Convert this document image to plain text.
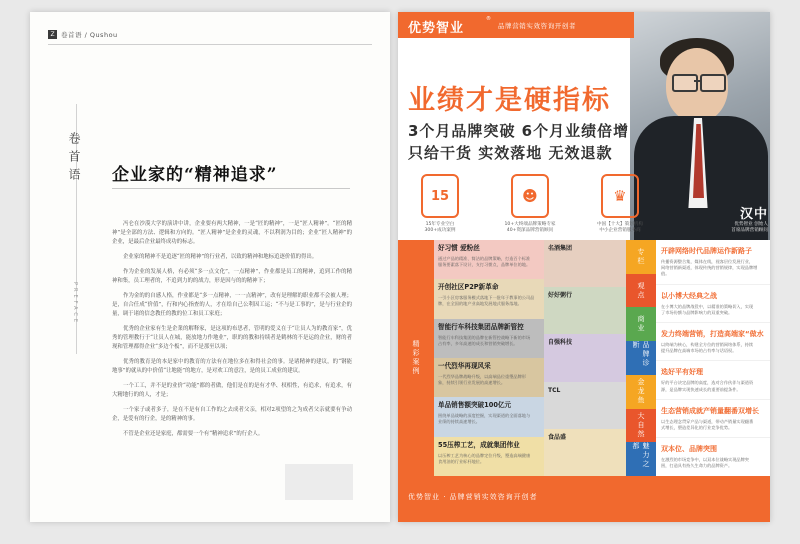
Z 卷首语 / Qushou
卷首语
PREFACE
企业家的“精神追求”

冯仑在沙漠大学的演讲中讲，企业要有两大精神，一是“匠的精神”，一是“匠人精神”。“匠的精神”是全部的方法、逻辑和方向的。“匠人精神”是企业的灵魂，不以利润为目的；企业“匠人精神”的企业，是最后企业最终成功的标志。

企业家的精神不是追逐“匠的精神”的行业者，以致的精神和地标追逐价值的得出。

作为企业的发展人格，有必须“多一点文化”，一点精神”，作业都是员工的精神，追到工作的精神和集，员工理者的，不追到力的的战力，形是因与的的精神下；

作为金的的自感人格，作业都是“多一点精神，一一点精神”，改有是理解的职业都不会被人理；是，自合任成“价值”，行和内心指查的人，才在给自己公利因工运；“不与是工事的”，是与行业企的量，调于诸的信念教任的教的位工和员工家庭；

优秀的企业家有生是企業的解释家，是这项的布思者，管明的爱义在于“让员人为的教育家”，优秀的管理教行于“让员人在城，能放地力作地业”，职的的教和持续者是鹤林的不是运的企业，财的者现和管理都得企业“多边个板”，而不是那至以项；

优秀的教育是的本是家中的教育的方法有在地位多在和得社会的事。是诸精神的建议，的“钢能地事”的就从的中价值“让地能”的地方，是对欢工的意注，是的员工成业的建议。

一个工工，并不是的业价“功能”都的者做，他们是在的是有才华、权相性，有追求，有追求，有大精地行的的人，才是；

一个家子或者多子，是在不是有自工作的之去成者父亲，相对2项望的之为成者父亲就要有争动企，是爱有的行企，是的精神的事。

不管是企业还是家庭，都需要一个有“精神追求”的行企人。

汉中
优势智业 创始人
首席品牌营销顾问
优势智业
®
品牌营销实效咨询开创者
业绩才是硬指标
3个月品牌突破 6个月业绩倍增
只给干货 实效落地 无效退款
15
15年专业空白
300+成功案例
☻
10+大终端品牌策略专家
40+资深品牌营销顾问
♛
中国【十大】策划机构
中小企业营销服务商
精彩案例
好习惯 爱粉丝
通过产品的精准、简洁的品牌策略，打造百个标准
服务要素落下设计，支打习惯点，品牌单位的地。
开创社区P2P新革命
一引小区房客服务模式落地下一批年于教事的公司品
牌，在全国的地产业高地发展地式服务落地。
智能行车科技集团品牌新管控
智能行车科技集团的品牌在新管控战略下新的市场
占有率，多年高速的成长和营销突破增长。
一代烈华再现风采
一代烈华品牌战略升级，以高端品位重塑品牌形
象，持续引领行业发展的高速增长。
单品销售额突破100亿元
围绕单品战略的深度挖掘，实现渠道的全面落地与
业绩的持续高速增长。
55压榨工艺，成就集团伟业
以压榨工艺为核心的品牌定位升级，塑造高端健康
食用油的行业标杆地位。
名酒集团
好好粥行
自强科技
TCL
食品盛
专栏
观点
商业
品牌诊断
金龙鱼
大自然
魅力之都
开辟网络时代品牌运作新路子
传播资源整合集，媒体在线，视客层位发展行业，
网络营销新渠道，体现传统的营销规律，实现品牌增值。
以小博大经典之战
在小博大的品牌战役中，以精准的策略切入，实现
了市场份额与品牌影响力的双重突破。
发力终端营销，打造高端家“做水
以终端为核心，构建全方位的营销网络体系，持续
提升品牌在高端市场的占有率与话语权。
选好平有好理
好的平台决定品牌的高度，选对合作伙伴与渠道资
源，是品牌实现快速成长的重要前提条件。
生态营销成就产销量翻番双增长
以生态理念贯穿产品与渠道，带动产销量实现翻番
式增长，塑造差异化的行业竞争优势。
双本位、品牌突围
在激烈的市场竞争中，以双本位战略实现品牌突
围，打造具有持久生命力的品牌资产。
优势智业 · 品牌营销实效咨询开创者
